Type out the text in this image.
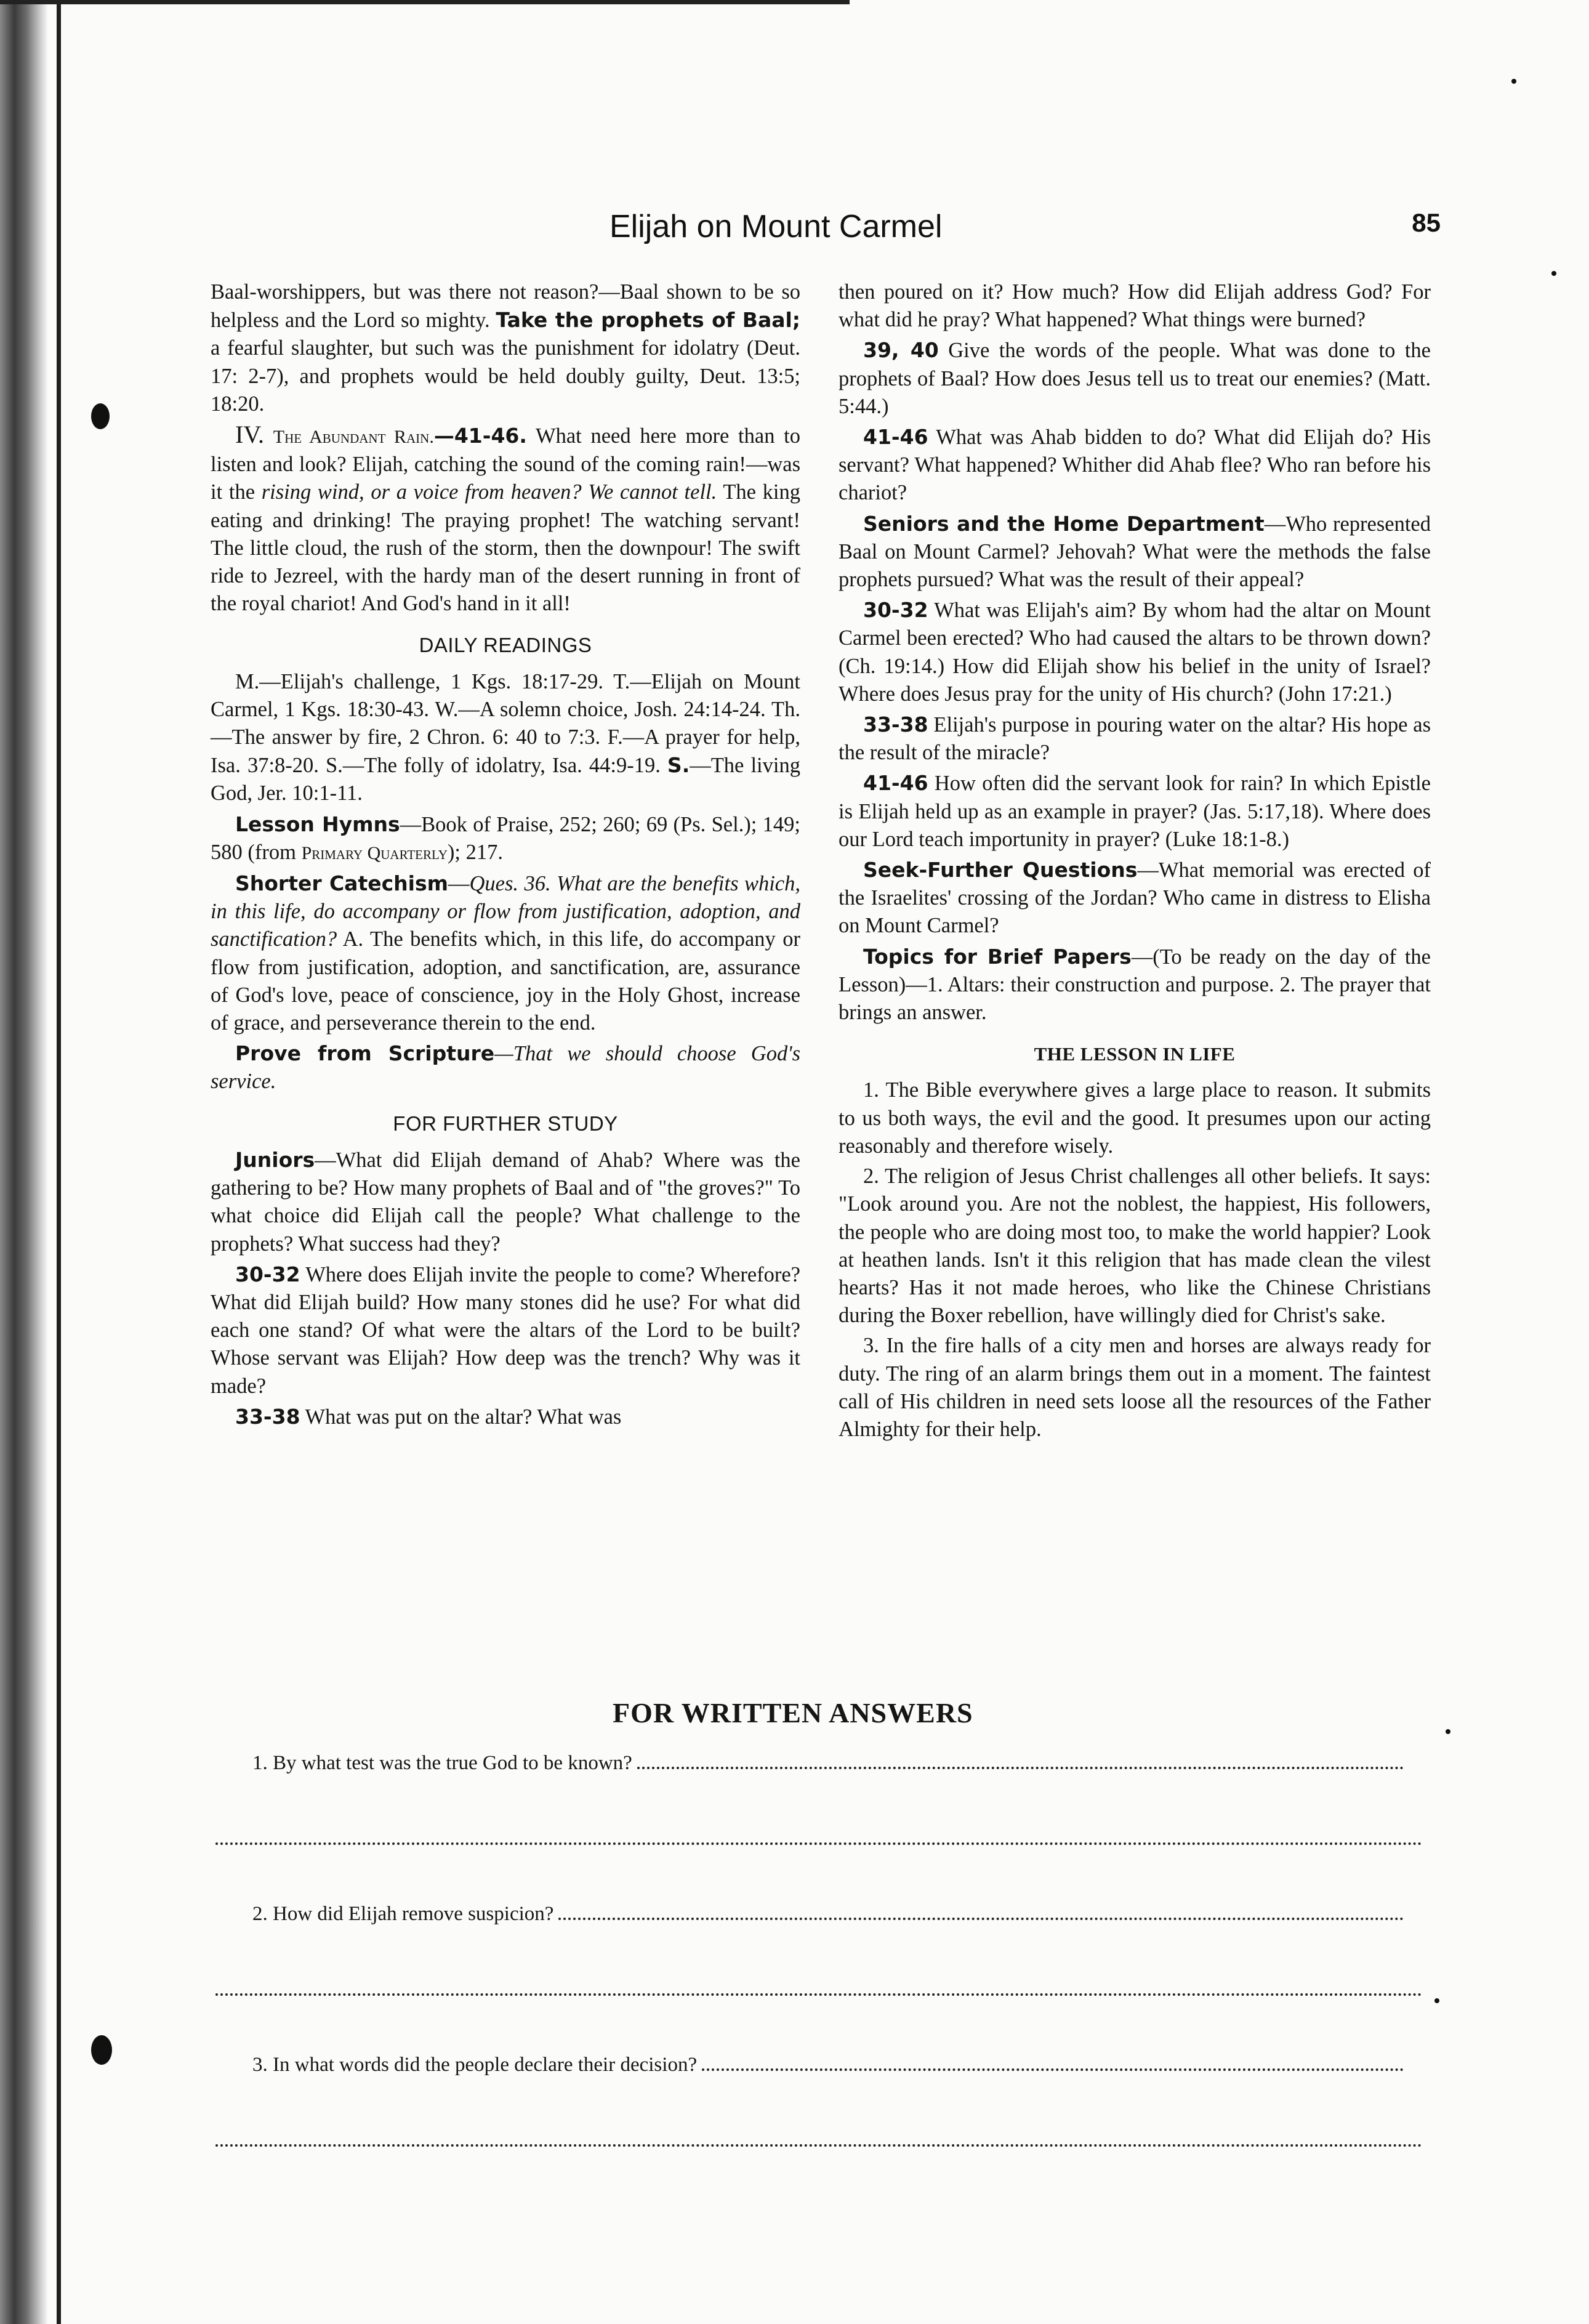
Elijah on Mount Carmel	85

Baal-worshippers, but was there not reason?—Baal shown to be so helpless and the Lord so mighty. Take the prophets of Baal; a fearful slaughter, but such was the punishment for idolatry (Deut. 17: 2-7), and prophets would be held doubly guilty, Deut. 13:5; 18:20.

IV. The Abundant Rain.—41-46. What need here more than to listen and look? Elijah, catching the sound of the coming rain!—was it the rising wind, or a voice from heaven? We cannot tell. The king eating and drinking! The praying prophet! The watching servant! The little cloud, the rush of the storm, then the downpour! The swift ride to Jezreel, with the hardy man of the desert running in front of the royal chariot! And God's hand in it all!

DAILY READINGS

M.—Elijah's challenge, 1 Kgs. 18:17-29. T.—Elijah on Mount Carmel, 1 Kgs. 18:30-43. W.—A solemn choice, Josh. 24:14-24. Th.—The answer by fire, 2 Chron. 6: 40 to 7:3. F.—A prayer for help, Isa. 37:8-20. S.—The folly of idolatry, Isa. 44:9-19. S.—The living God, Jer. 10:1-11.

Lesson Hymns—Book of Praise, 252; 260; 69 (Ps. Sel.); 149; 580 (from Primary Quarterly); 217.

Shorter Catechism—Ques. 36. What are the benefits which, in this life, do accompany or flow from justification, adoption, and sanctification? A. The benefits which, in this life, do accompany or flow from justification, adoption, and sanctification, are, assurance of God's love, peace of conscience, joy in the Holy Ghost, increase of grace, and perseverance therein to the end.

Prove from Scripture—That we should choose God's service.

FOR FURTHER STUDY

Juniors—What did Elijah demand of Ahab? Where was the gathering to be? How many prophets of Baal and of "the groves?" To what choice did Elijah call the people? What challenge to the prophets? What success had they?

30-32 Where does Elijah invite the people to come? Wherefore? What did Elijah build? How many stones did he use? For what did each one stand? Of what were the altars of the Lord to be built? Whose servant was Elijah? How deep was the trench? Why was it made?

33-38 What was put on the altar? What was

then poured on it? How much? How did Elijah address God? For what did he pray? What happened? What things were burned?

39, 40 Give the words of the people. What was done to the prophets of Baal? How does Jesus tell us to treat our enemies? (Matt. 5:44.)

41-46 What was Ahab bidden to do? What did Elijah do? His servant? What happened? Whither did Ahab flee? Who ran before his chariot?

Seniors and the Home Department—Who represented Baal on Mount Carmel? Jehovah? What were the methods the false prophets pursued? What was the result of their appeal?

30-32 What was Elijah's aim? By whom had the altar on Mount Carmel been erected? Who had caused the altars to be thrown down? (Ch. 19:14.) How did Elijah show his belief in the unity of Israel? Where does Jesus pray for the unity of His church? (John 17:21.)

33-38 Elijah's purpose in pouring water on the altar? His hope as the result of the miracle?

41-46 How often did the servant look for rain? In which Epistle is Elijah held up as an example in prayer? (Jas. 5:17,18). Where does our Lord teach importunity in prayer? (Luke 18:1-8.)

Seek-Further Questions—What memorial was erected of the Israelites' crossing of the Jordan? Who came in distress to Elisha on Mount Carmel?

Topics for Brief Papers—(To be ready on the day of the Lesson)—1. Altars: their construction and purpose. 2. The prayer that brings an answer.

THE LESSON IN LIFE

1. The Bible everywhere gives a large place to reason. It submits to us both ways, the evil and the good. It presumes upon our acting reasonably and therefore wisely.

2. The religion of Jesus Christ challenges all other beliefs. It says: "Look around you. Are not the noblest, the happiest, His followers, the people who are doing most too, to make the world happier? Look at heathen lands. Isn't it this religion that has made clean the vilest hearts? Has it not made heroes, who like the Chinese Christians during the Boxer rebellion, have willingly died for Christ's sake.

3. In the fire halls of a city men and horses are always ready for duty. The ring of an alarm brings them out in a moment. The faintest call of His children in need sets loose all the resources of the Father Almighty for their help.

FOR WRITTEN ANSWERS
1. By what test was the true God to be known?
2. How did Elijah remove suspicion?
3. In what words did the people declare their decision?
